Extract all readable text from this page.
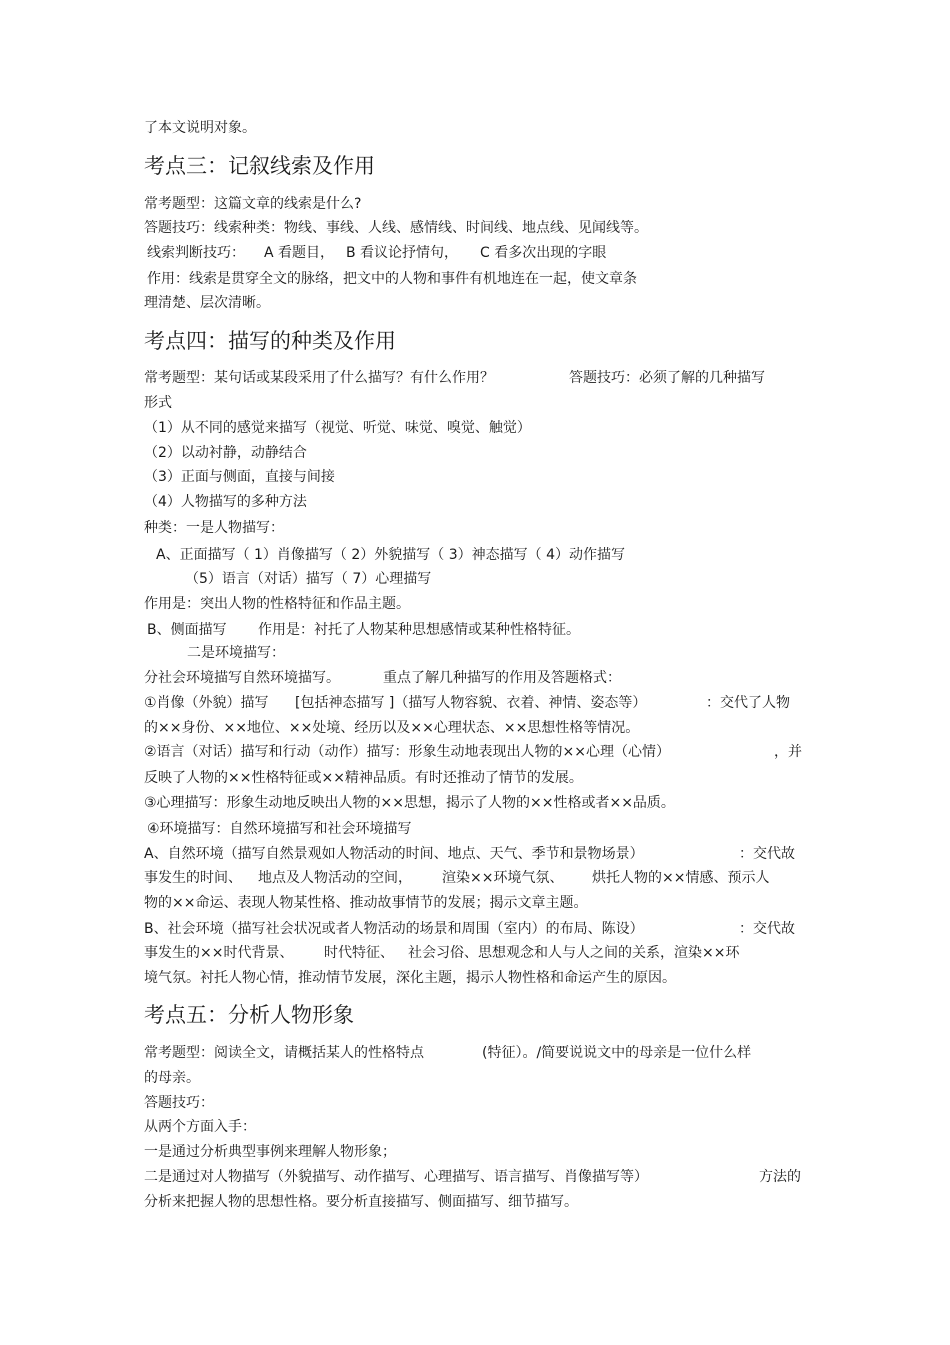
了本文说明对象。

考点三：记叙线索及作用

常考题型：这篇文章的线索是什么?

答题技巧：线索种类：物线、事线、人线、感情线、时间线、地点线、见闻线等。

线索判断技巧： A 看题目， B 看议论抒情句， C 看多次出现的字眼

作用：线索是贯穿全文的脉络，把文中的人物和事件有机地连在一起，使文章条

理清楚、层次清晰。

考点四：描写的种类及作用

常考题型：某句话或某段采用了什么描写？有什么作用？	答题技巧：必须了解的几种描写

形式

（1）从不同的感觉来描写（视觉、听觉、味觉、嗅觉、触觉）

（2）以动衬静，动静结合

（3）正面与侧面，直接与间接

（4）人物描写的多种方法

种类：一是人物描写：

A、正面描写（ 1）肖像描写（ 2）外貌描写（ 3）神态描写（ 4）动作描写

（5）语言（对话）描写（ 7）心理描写

作用是：突出人物的性格特征和作品主题。

B、侧面描写 作用是：衬托了人物某种思想感情或某种性格特征。

二是环境描写：

分社会环境描写自然环境描写。	重点了解几种描写的作用及答题格式：

①肖像（外貌）描写 [包括神态描写 ]（描写人物容貌、衣着、神情、姿态等）	：交代了人物

的××身份、××地位、××处境、经历以及××心理状态、××思想性格等情况。

②语言（对话）描写和行动（动作）描写：形象生动地表现出人物的××心理（心情）	，并

反映了人物的××性格特征或××精神品质。有时还推动了情节的发展。

③心理描写：形象生动地反映出人物的××思想，揭示了人物的××性格或者××品质。

④环境描写：自然环境描写和社会环境描写

A、自然环境（描写自然景观如人物活动的时间、地点、天气、季节和景物场景）	：交代故

事发生的时间、 地点及人物活动的空间， 渲染××环境气氛、 烘托人物的××情感、预示人

物的××命运、表现人物某性格、推动故事情节的发展；揭示文章主题。

B、社会环境（描写社会状况或者人物活动的场景和周围（室内）的布局、陈设）	：交代故

事发生的××时代背景、 时代特征、 社会习俗、思想观念和人与人之间的关系，渲染××环

境气氛。衬托人物心情，推动情节发展，深化主题，揭示人物性格和命运产生的原因。

考点五：分析人物形象

常考题型：阅读全文，请概括某人的性格特点	(特征）。/简要说说文中的母亲是一位什么样

的母亲。

答题技巧：

从两个方面入手：

一是通过分析典型事例来理解人物形象；

二是通过对人物描写（外貌描写、动作描写、心理描写、语言描写、肖像描写等）	方法的

分析来把握人物的思想性格。要分析直接描写、侧面描写、细节描写。
